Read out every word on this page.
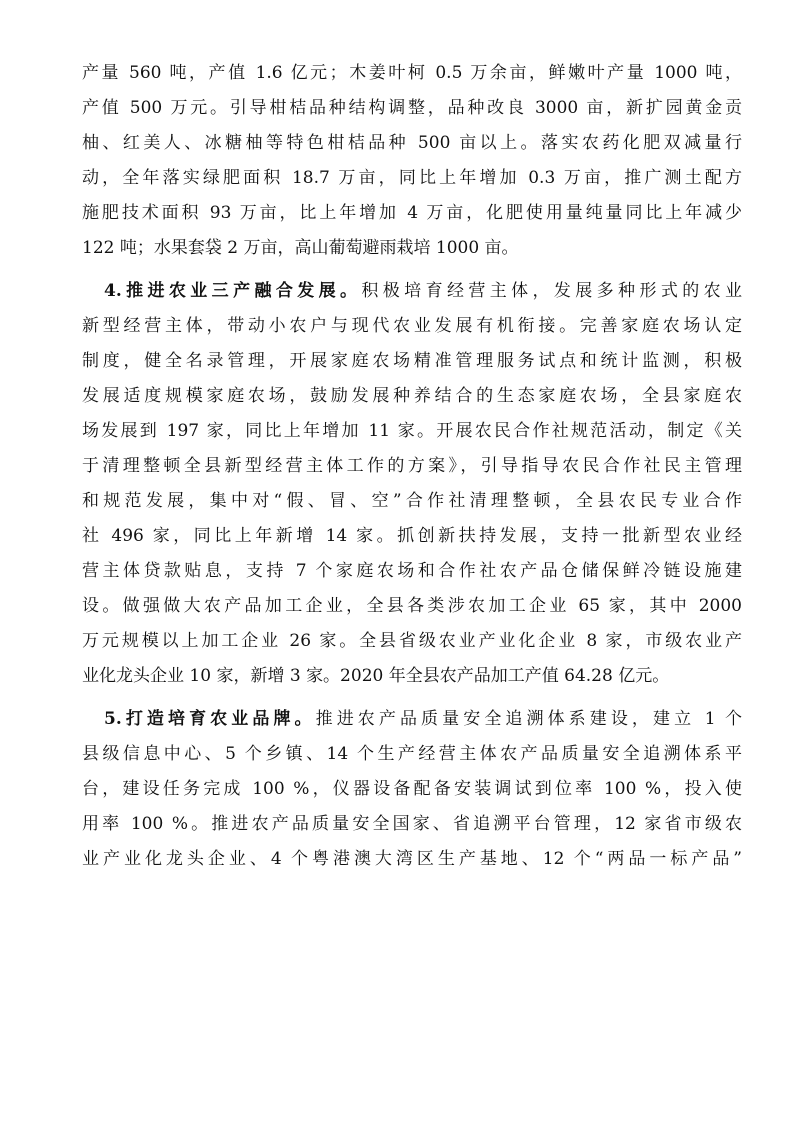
产量 560 吨，产值 1.6 亿元；木姜叶柯 0.5 万余亩，鲜嫩叶产量 1000 吨，
产值 500 万元。引导柑桔品种结构调整，品种改良 3000 亩，新扩园黄金贡
柚、红美人、冰糖柚等特色柑桔品种 500 亩以上。落实农药化肥双减量行
动，全年落实绿肥面积 18.7 万亩，同比上年增加 0.3 万亩，推广测土配方
施肥技术面积 93 万亩，比上年增加 4 万亩，化肥使用量纯量同比上年减少
122 吨；水果套袋 2 万亩，高山葡萄避雨栽培 1000 亩。
4.推进农业三产融合发展。积极培育经营主体，发展多种形式的农业
新型经营主体，带动小农户与现代农业发展有机衔接。完善家庭农场认定
制度，健全名录管理，开展家庭农场精准管理服务试点和统计监测，积极
发展适度规模家庭农场，鼓励发展种养结合的生态家庭农场，全县家庭农
场发展到 197 家，同比上年增加 11 家。开展农民合作社规范活动，制定《关
于清理整顿全县新型经营主体工作的方案》，引导指导农民合作社民主管理
和规范发展，集中对“假、冒、空”合作社清理整顿，全县农民专业合作
社 496 家，同比上年新增 14 家。抓创新扶持发展，支持一批新型农业经
营主体贷款贴息，支持 7 个家庭农场和合作社农产品仓储保鲜冷链设施建
设。做强做大农产品加工企业，全县各类涉农加工企业 65 家，其中 2000
万元规模以上加工企业 26 家。全县省级农业产业化企业 8 家，市级农业产
业化龙头企业 10 家，新增 3 家。2020 年全县农产品加工产值 64.28 亿元。
5.打造培育农业品牌。推进农产品质量安全追溯体系建设，建立 1 个
县级信息中心、5 个乡镇、14 个生产经营主体农产品质量安全追溯体系平
台，建设任务完成 100 %，仪器设备配备安装调试到位率 100 %，投入使
用率 100 %。推进农产品质量安全国家、省追溯平台管理，12 家省市级农
业产业化龙头企业、4 个粤港澳大湾区生产基地、12 个“两品一标产品”
